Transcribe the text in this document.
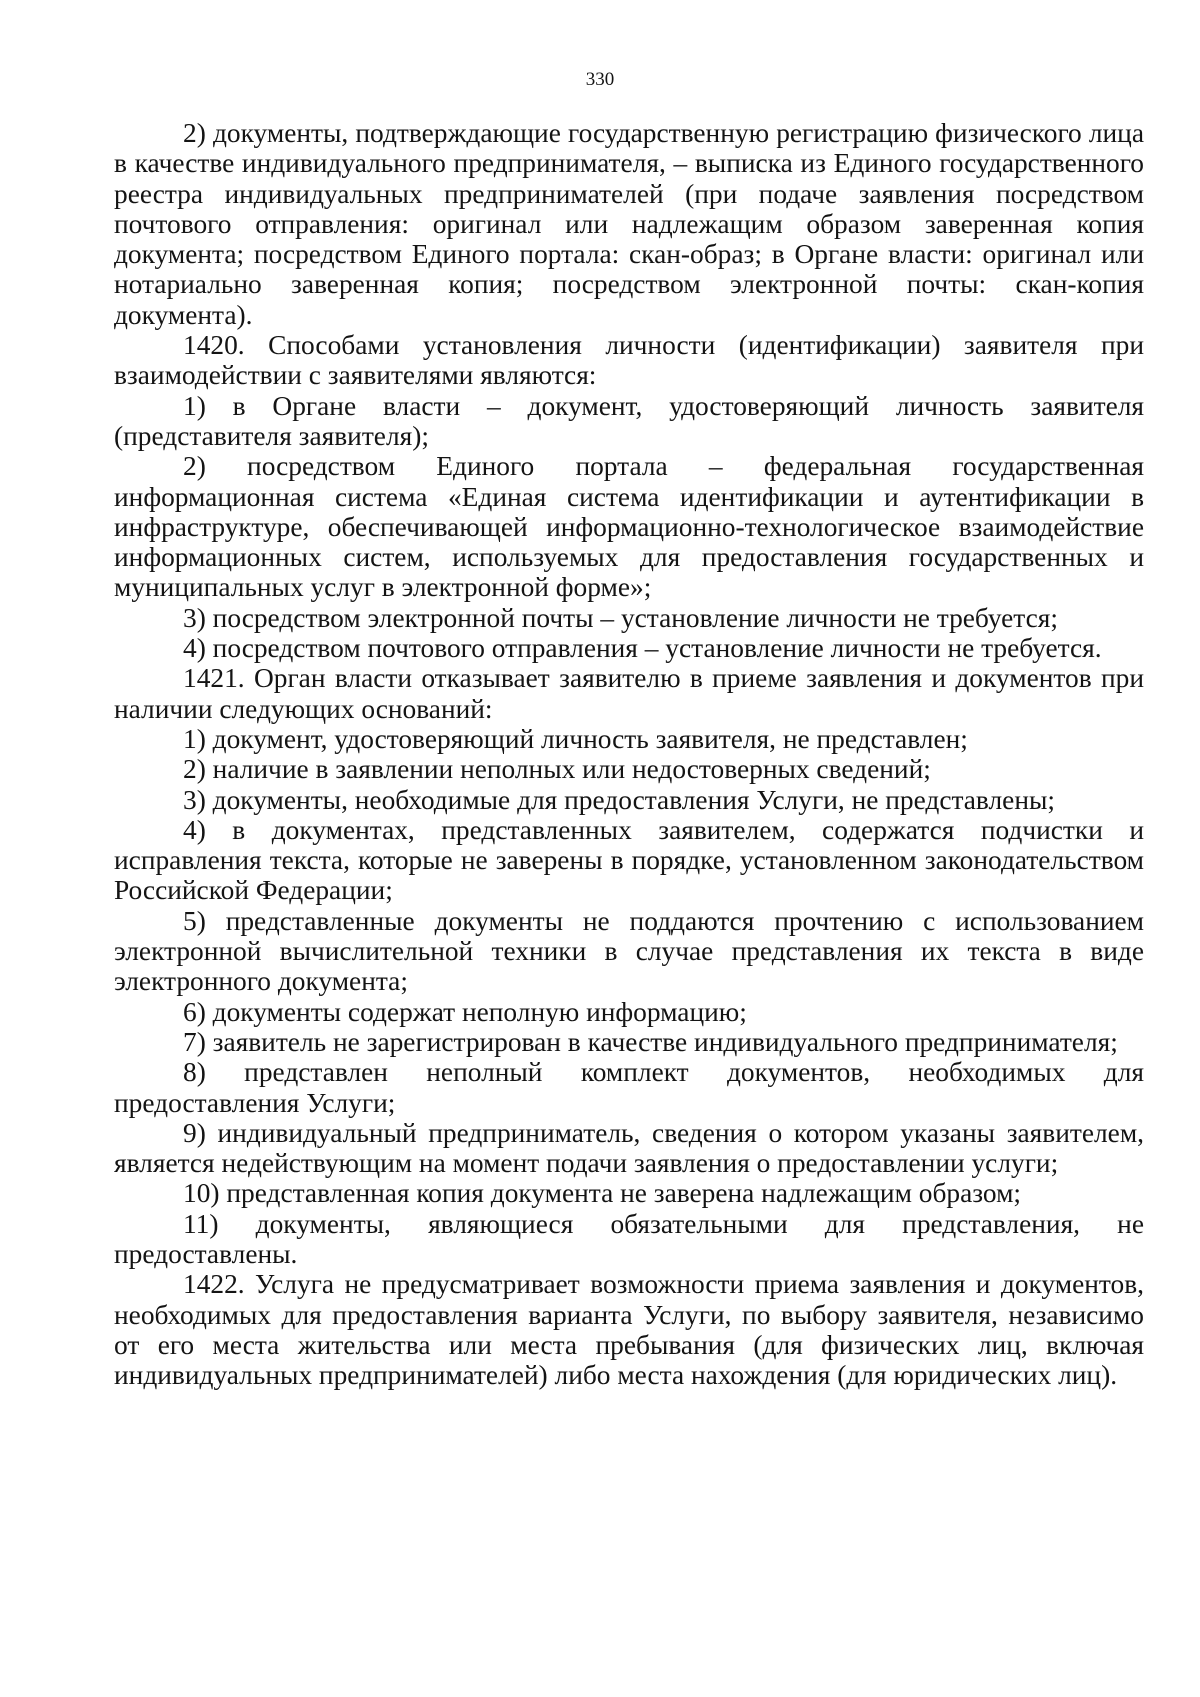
330

2) документы, подтверждающие государственную регистрацию физического лица в качестве индивидуального предпринимателя, – выписка из Единого государственного реестра индивидуальных предпринимателей (при подаче заявления посредством почтового отправления: оригинал или надлежащим образом заверенная копия документа; посредством Единого портала: скан-образ; в Органе власти: оригинал или нотариально заверенная копия; посредством электронной почты: скан-копия документа).

1420. Способами установления личности (идентификации) заявителя при взаимодействии с заявителями являются:

1) в Органе власти – документ, удостоверяющий личность заявителя (представителя заявителя);

2) посредством Единого портала – федеральная государственная информационная система «Единая система идентификации и аутентификации в инфраструктуре, обеспечивающей информационно-технологическое взаимодействие информационных систем, используемых для предоставления государственных и муниципальных услуг в электронной форме»;

3) посредством электронной почты – установление личности не требуется;

4) посредством почтового отправления – установление личности не требуется.

1421. Орган власти отказывает заявителю в приеме заявления и документов при наличии следующих оснований:

1) документ, удостоверяющий личность заявителя, не представлен;

2) наличие в заявлении неполных или недостоверных сведений;

3) документы, необходимые для предоставления Услуги, не представлены;

4) в документах, представленных заявителем, содержатся подчистки и исправления текста, которые не заверены в порядке, установленном законодательством Российской Федерации;

5) представленные документы не поддаются прочтению с использованием электронной вычислительной техники в случае представления их текста в виде электронного документа;

6) документы содержат неполную информацию;

7) заявитель не зарегистрирован в качестве индивидуального предпринимателя;

8) представлен неполный комплект документов, необходимых для предоставления Услуги;

9) индивидуальный предприниматель, сведения о котором указаны заявителем, является недействующим на момент подачи заявления о предоставлении услуги;

10) представленная копия документа не заверена надлежащим образом;

11) документы, являющиеся обязательными для представления, не предоставлены.

1422. Услуга не предусматривает возможности приема заявления и документов, необходимых для предоставления варианта Услуги, по выбору заявителя, независимо от его места жительства или места пребывания (для физических лиц, включая индивидуальных предпринимателей) либо места нахождения (для юридических лиц).
